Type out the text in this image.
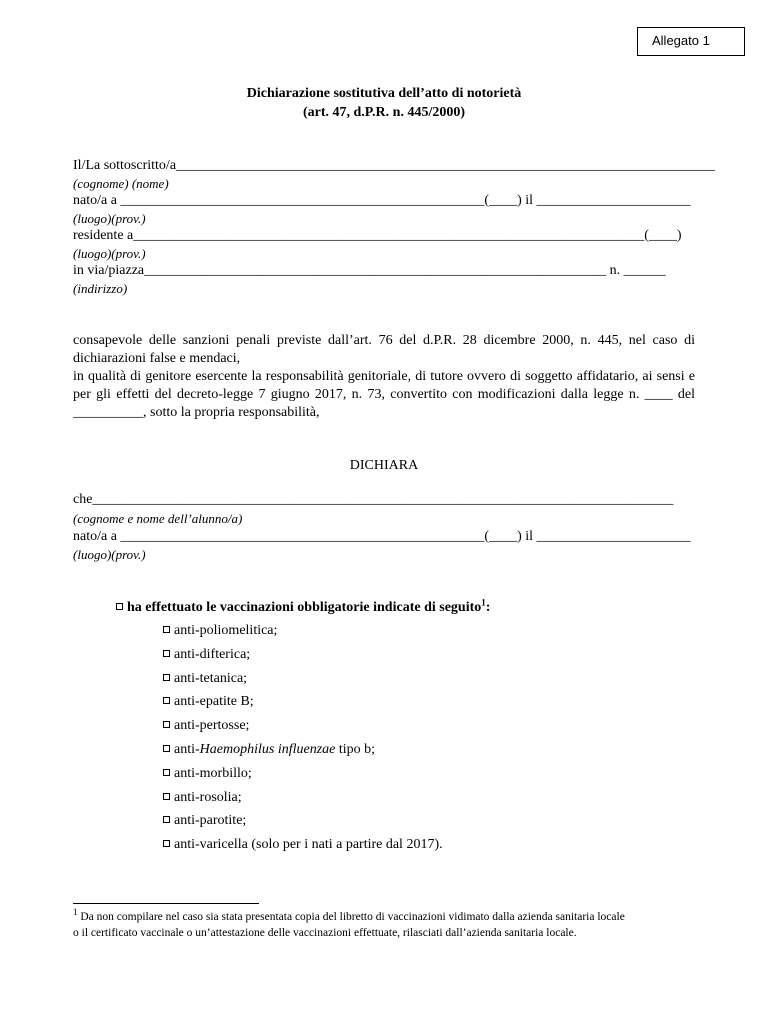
Allegato 1
Dichiarazione sostitutiva dell’atto di notorietà
(art. 47, d.P.R. n. 445/2000)
Il/La sottoscritto/a_____________________________________________________________________________
(cognome) (nome)
nato/a a ____________________________________________________(____) il ______________________
(luogo)(prov.)
residente a_________________________________________________________________________(____)
(luogo)(prov.)
in via/piazza__________________________________________________________________ n. ______
(indirizzo)
consapevole delle sanzioni penali previste dall’art. 76 del d.P.R. 28 dicembre 2000, n. 445, nel caso di
dichiarazioni false e mendaci,
in qualità di genitore esercente la responsabilità genitoriale, di tutore ovvero di soggetto affidatario, ai sensi e
per gli effetti del decreto-legge 7 giugno 2017, n. 73, convertito con modificazioni dalla legge n. ____ del
__________, sotto la propria responsabilità,
DICHIARA
che___________________________________________________________________________________
(cognome e nome dell’alunno/a)
nato/a a ____________________________________________________(____) il ______________________
(luogo)(prov.)
ha effettuato le vaccinazioni obbligatorie indicate di seguito$^1$:
anti-poliomelitica;
anti-difterica;
anti-tetanica;
anti-epatite B;
anti-pertosse;
anti-Haemophilus influenzae tipo b;
anti-morbillo;
anti-rosolia;
anti-parotite;
anti-varicella (solo per i nati a partire dal 2017).
$^1$ Da non compilare nel caso sia stata presentata copia del libretto di vaccinazioni vidimato dalla azienda sanitaria locale
o il certificato vaccinale o un’attestazione delle vaccinazioni effettuate, rilasciati dall’azienda sanitaria locale.
